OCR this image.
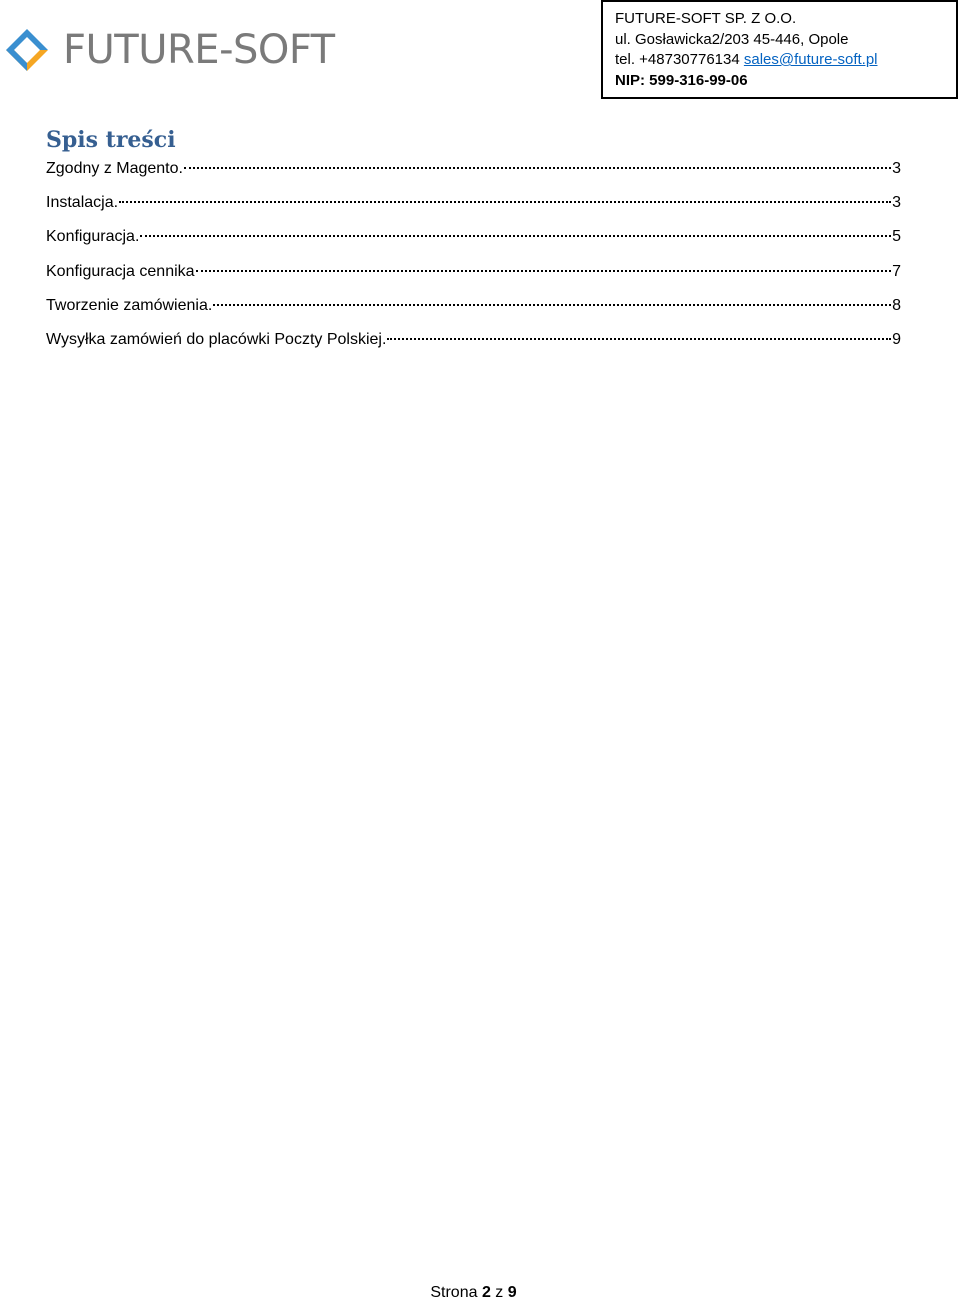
FUTURE-SOFT
FUTURE-SOFT SP. Z O.O.
ul. Gosławicka2/203 45-446, Opole
tel. +48730776134 sales@future-soft.pl
NIP: 599-316-99-06
Spis treści
Zgodny z Magento.	3
Instalacja.	3
Konfiguracja.	5
Konfiguracja cennika	7
Tworzenie zamówienia.	8
Wysyłka zamówień do placówki Poczty Polskiej.	9
Strona 2 z 9
